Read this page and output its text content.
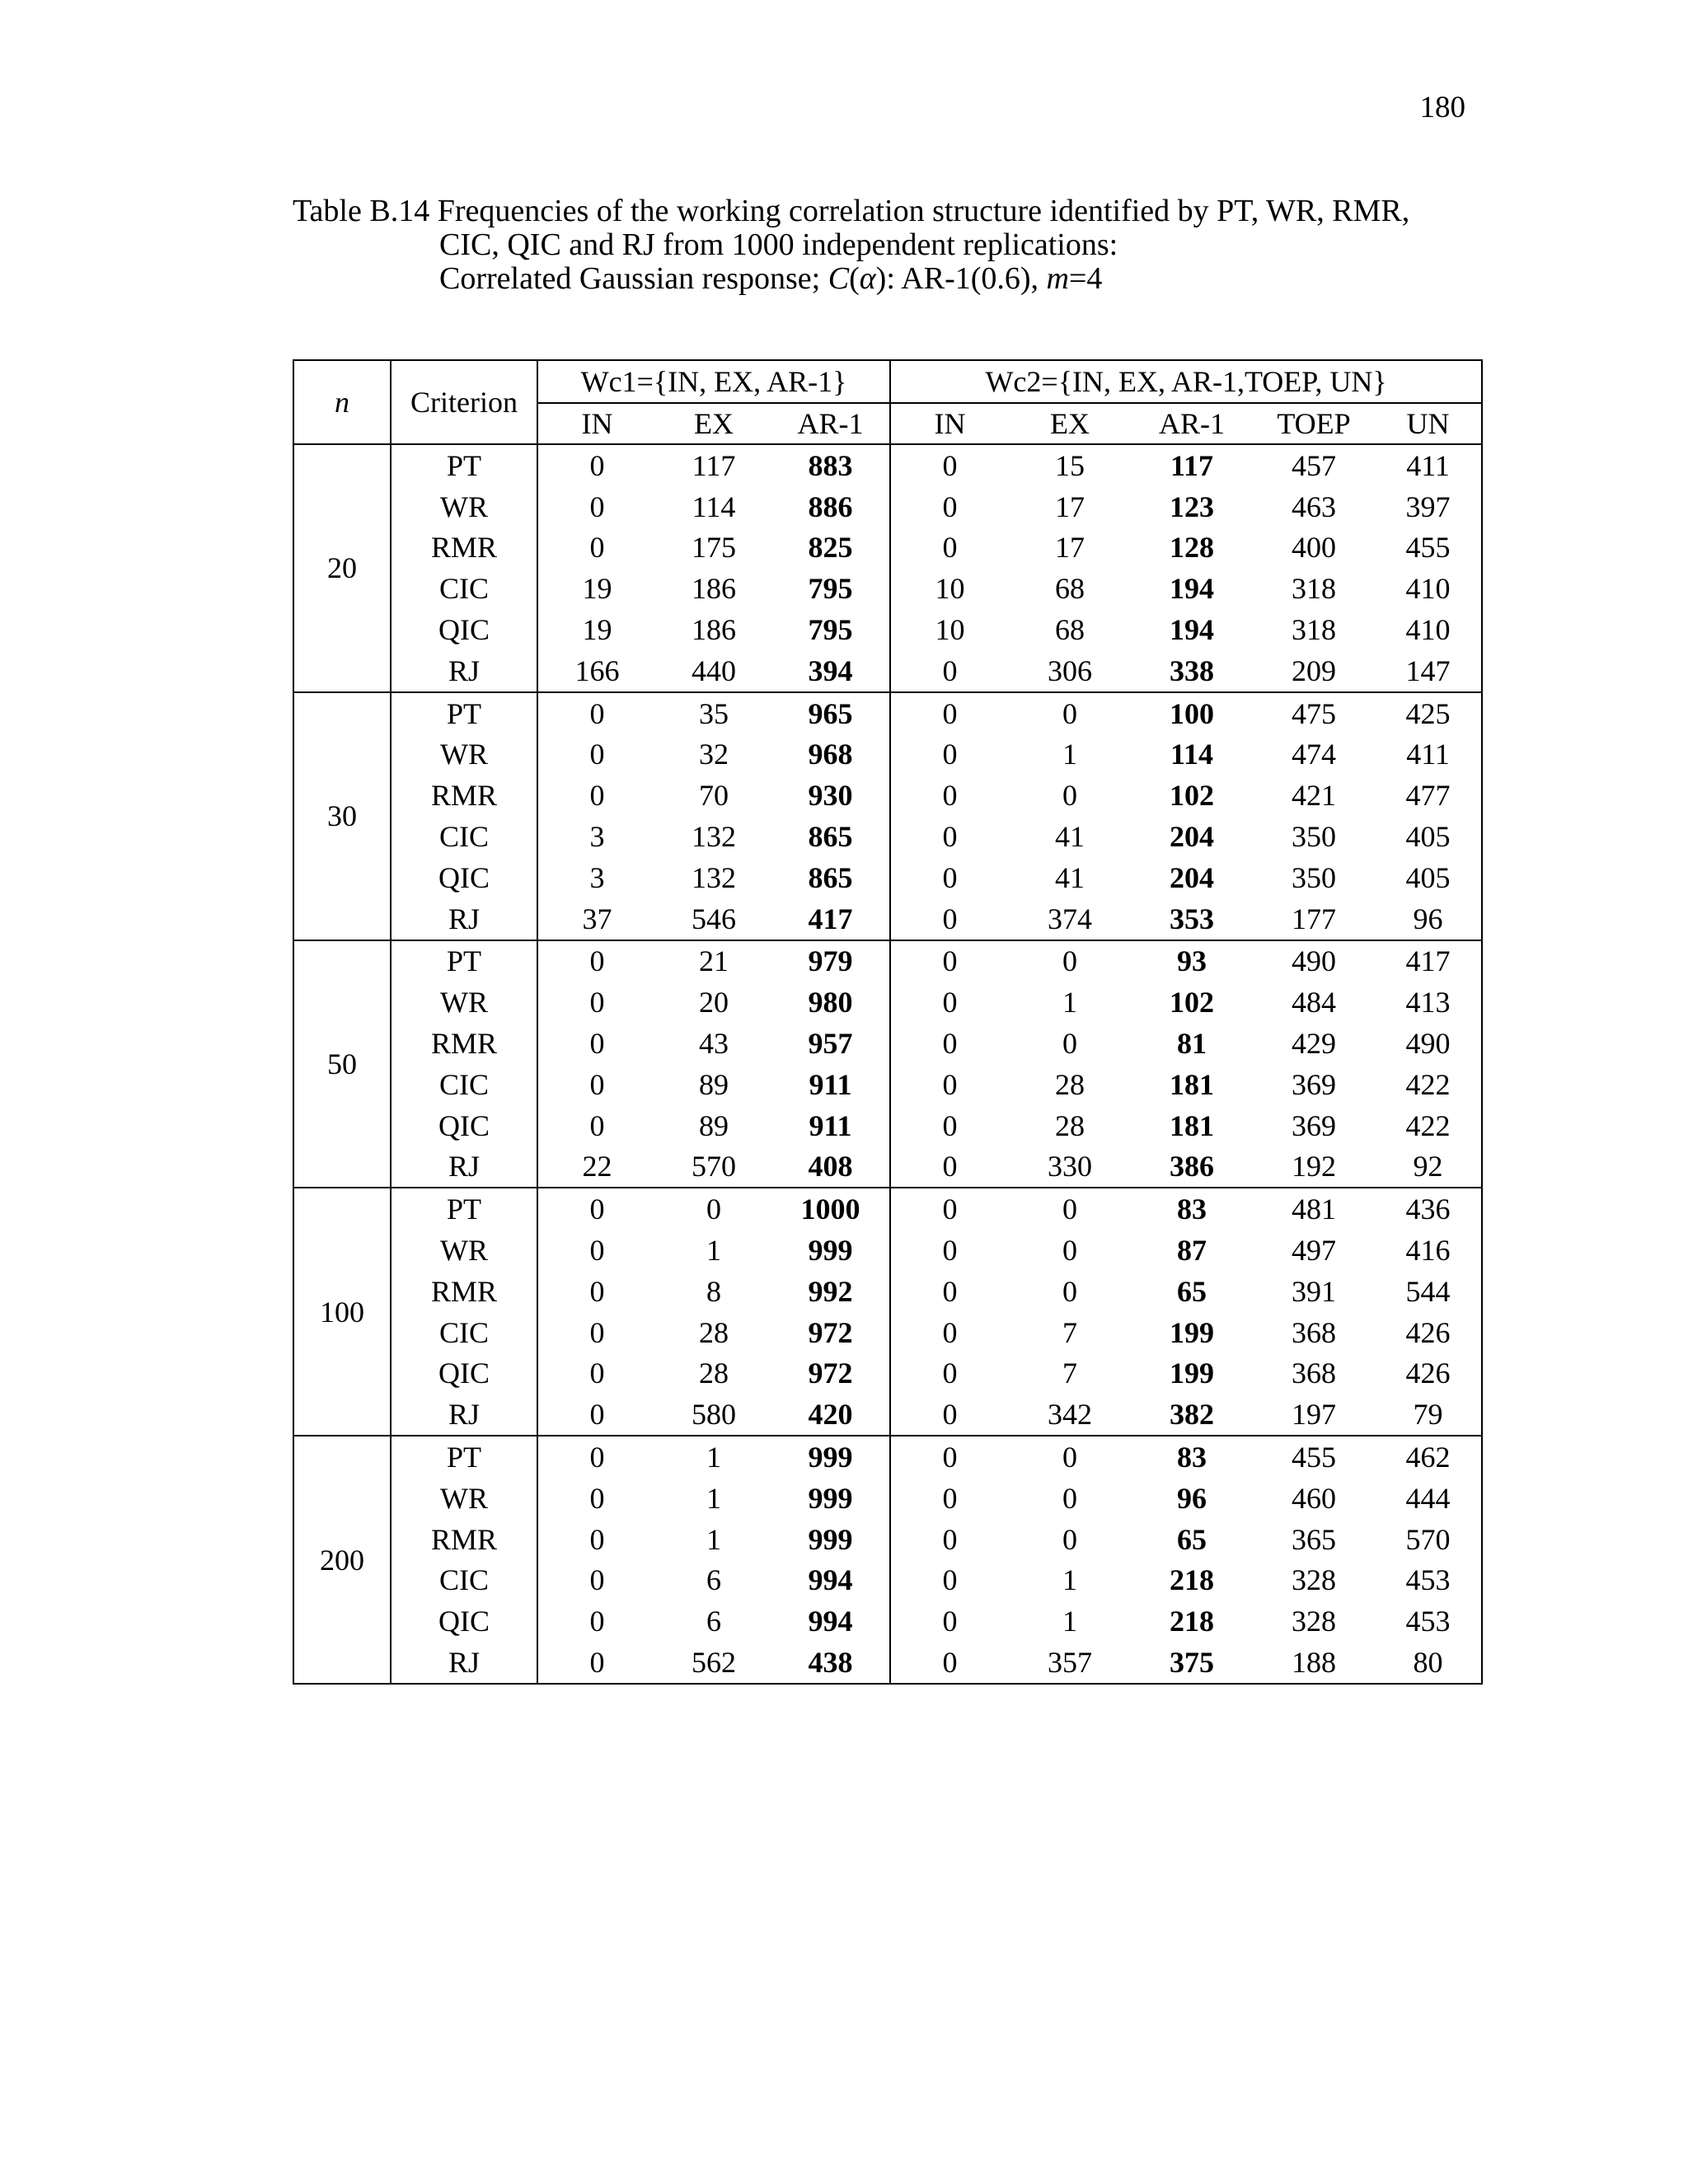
180
Table B.14 Frequencies of the working correlation structure identified by PT, WR, RMR,
CIC, QIC and RJ from 1000 independent replications:
Correlated Gaussian response; C(α): AR-1(0.6), m=4
n	Criterion	Wc1={IN, EX, AR-1}			Wc2={IN, EX, AR-1,TOEP, UN}				
		IN	EX	AR-1	IN	EX	AR-1	TOEP	UN
20	PT	0	117	883	0	15	117	457	411
	WR	0	114	886	0	17	123	463	397
	RMR	0	175	825	0	17	128	400	455
	CIC	19	186	795	10	68	194	318	410
	QIC	19	186	795	10	68	194	318	410
	RJ	166	440	394	0	306	338	209	147
30	PT	0	35	965	0	0	100	475	425
	WR	0	32	968	0	1	114	474	411
	RMR	0	70	930	0	0	102	421	477
	CIC	3	132	865	0	41	204	350	405
	QIC	3	132	865	0	41	204	350	405
	RJ	37	546	417	0	374	353	177	96
50	PT	0	21	979	0	0	93	490	417
	WR	0	20	980	0	1	102	484	413
	RMR	0	43	957	0	0	81	429	490
	CIC	0	89	911	0	28	181	369	422
	QIC	0	89	911	0	28	181	369	422
	RJ	22	570	408	0	330	386	192	92
100	PT	0	0	1000	0	0	83	481	436
	WR	0	1	999	0	0	87	497	416
	RMR	0	8	992	0	0	65	391	544
	CIC	0	28	972	0	7	199	368	426
	QIC	0	28	972	0	7	199	368	426
	RJ	0	580	420	0	342	382	197	79
200	PT	0	1	999	0	0	83	455	462
	WR	0	1	999	0	0	96	460	444
	RMR	0	1	999	0	0	65	365	570
	CIC	0	6	994	0	1	218	328	453
	QIC	0	6	994	0	1	218	328	453
	RJ	0	562	438	0	357	375	188	80
